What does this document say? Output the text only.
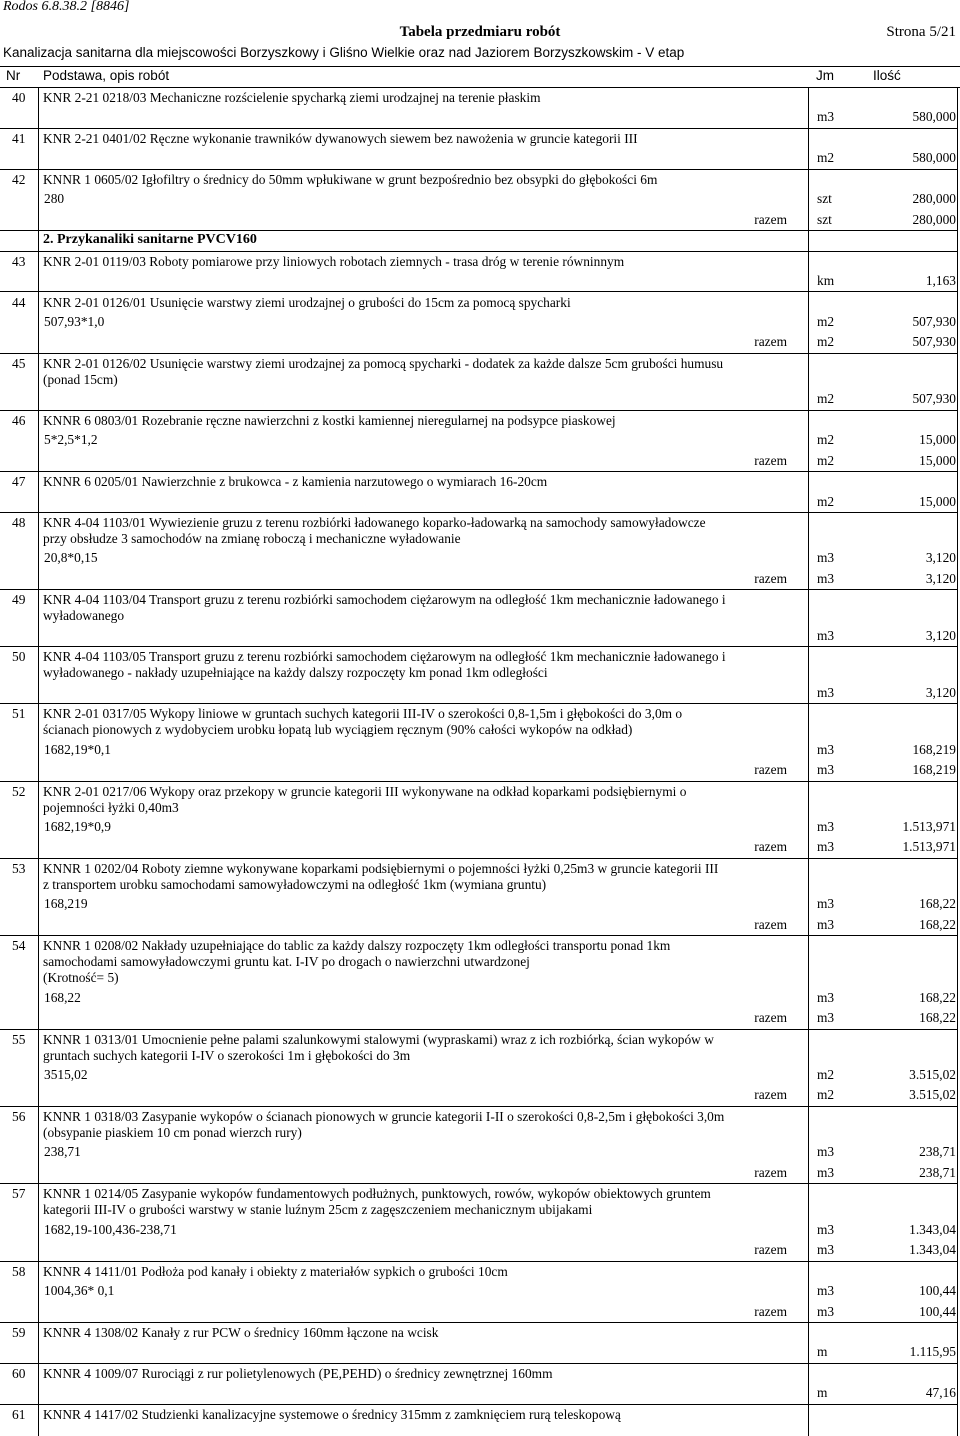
Rodos 6.8.38.2 [8846]
Tabela przedmiaru robót	Strona 5/21
Kanalizacja sanitarna dla miejscowości Borzyszkowy i Gliśno Wielkie oraz nad Jaziorem Borzyszkowskim - V etap
Nr Podstawa, opis robót	Jm	Ilość
40 KNR 2-21 0218/03 Mechaniczne rozścielenie spycharką ziemi urodzajnej na terenie płaskim
m3	580,000
41 KNR 2-21 0401/02 Ręczne wykonanie trawników dywanowych siewem bez nawożenia w gruncie kategorii III
m2	580,000
42 KNNR 1 0605/02 Igłofiltry o średnicy do 50mm wpłukiwane w grunt bezpośrednio bez obsypki do głębokości 6m
280	szt	280,000
razem szt	280,000
2. Przykanaliki sanitarne PVCV160
43 KNR 2-01 0119/03 Roboty pomiarowe przy liniowych robotach ziemnych - trasa dróg w terenie równinnym
km	1,163
44 KNR 2-01 0126/01 Usunięcie warstwy ziemi urodzajnej o grubości do 15cm za pomocą spycharki
507,93*1,0	m2	507,930
razem m2	507,930
45 KNR 2-01 0126/02 Usunięcie warstwy ziemi urodzajnej za pomocą spycharki - dodatek za każde dalsze 5cm grubości humusu
(ponad 15cm)
m2	507,930
46 KNNR 6 0803/01 Rozebranie ręczne nawierzchni z kostki kamiennej nieregularnej na podsypce piaskowej
5*2,5*1,2	m2	15,000
razem m2	15,000
47 KNNR 6 0205/01 Nawierzchnie z brukowca - z kamienia narzutowego o wymiarach 16-20cm
m2	15,000
48 KNR 4-04 1103/01 Wywiezienie gruzu z terenu rozbiórki ładowanego koparko-ładowarką na samochody samowyładowcze
przy obsłudze 3 samochodów na zmianę roboczą i mechaniczne wyładowanie
20,8*0,15	m3	3,120
razem m3	3,120
49 KNR 4-04 1103/04 Transport gruzu z terenu rozbiórki samochodem ciężarowym na odległość 1km mechanicznie ładowanego i
wyładowanego
m3	3,120
50 KNR 4-04 1103/05 Transport gruzu z terenu rozbiórki samochodem ciężarowym na odległość 1km mechanicznie ładowanego i
wyładowanego - nakłady uzupełniające na każdy dalszy rozpoczęty km ponad 1km odległości
m3	3,120
51 KNR 2-01 0317/05 Wykopy liniowe w gruntach suchych kategorii III-IV o szerokości 0,8-1,5m i głębokości do 3,0m o
ścianach pionowych z wydobyciem urobku łopatą lub wyciągiem ręcznym (90% całości wykopów na odkład)
1682,19*0,1	m3	168,219
razem m3	168,219
52 KNR 2-01 0217/06 Wykopy oraz przekopy w gruncie kategorii III wykonywane na odkład koparkami podsiębiernymi o
pojemności łyżki 0,40m3
1682,19*0,9	m3	1.513,971
razem m3	1.513,971
53 KNNR 1 0202/04 Roboty ziemne wykonywane koparkami podsiębiernymi o pojemności łyżki 0,25m3 w gruncie kategorii III
z transportem urobku samochodami samowyładowczymi na odległość 1km (wymiana gruntu)
168,219	m3	168,22
razem m3	168,22
54 KNNR 1 0208/02 Nakłady uzupełniające do tablic za każdy dalszy rozpoczęty 1km odległości transportu ponad 1km
samochodami samowyładowczymi gruntu kat. I-IV po drogach o nawierzchni utwardzonej
(Krotność= 5)
168,22	m3	168,22
razem m3	168,22
55 KNNR 1 0313/01 Umocnienie pełne palami szalunkowymi stalowymi (wypraskami) wraz z ich rozbiórką, ścian wykopów w
gruntach suchych kategorii I-IV o szerokości 1m i głębokości do 3m
3515,02	m2	3.515,02
razem m2	3.515,02
56 KNNR 1 0318/03 Zasypanie wykopów o ścianach pionowych w gruncie kategorii I-II o szerokości 0,8-2,5m i głębokości 3,0m
(obsypanie piaskiem 10 cm ponad wierzch rury)
238,71	m3	238,71
razem m3	238,71
57 KNNR 1 0214/05 Zasypanie wykopów fundamentowych podłużnych, punktowych, rowów, wykopów obiektowych gruntem
kategorii III-IV o grubości warstwy w stanie luźnym 25cm z zagęszczeniem mechanicznym ubijakami
1682,19-100,436-238,71	m3	1.343,04
razem m3	1.343,04
58 KNNR 4 1411/01 Podłoża pod kanały i obiekty z materiałów sypkich o grubości 10cm
1004,36* 0,1	m3	100,44
razem m3	100,44
59 KNNR 4 1308/02 Kanały z rur PCW o średnicy 160mm łączone na wcisk
m	1.115,95
60 KNNR 4 1009/07 Rurociągi z rur polietylenowych (PE,PEHD) o średnicy zewnętrznej 160mm
m	47,16
61 KNNR 4 1417/02 Studzienki kanalizacyjne systemowe o średnicy 315mm z zamknięciem rurą teleskopową
